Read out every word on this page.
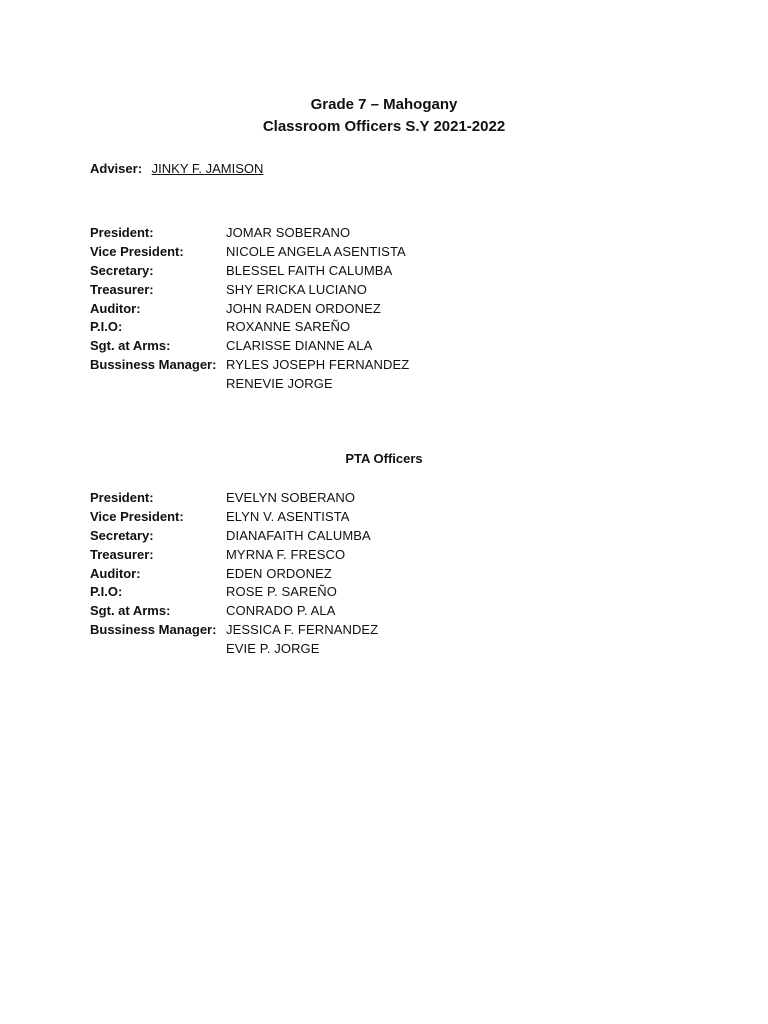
Grade 7 – Mahogany
Classroom Officers S.Y 2021-2022
Adviser: JINKY F. JAMISON
President:	JOMAR SOBERANO
Vice President:	NICOLE ANGELA ASENTISTA
Secretary:	BLESSEL FAITH CALUMBA
Treasurer:	SHY ERICKA LUCIANO
Auditor:	JOHN RADEN ORDONEZ
P.I.O:	ROXANNE SAREÑO
Sgt. at Arms:	CLARISSE DIANNE ALA
Bussiness Manager: RYLES JOSEPH FERNANDEZ
RENEVIE JORGE
PTA Officers
President:	EVELYN SOBERANO
Vice President:	ELYN V. ASENTISTA
Secretary:	DIANAFAITH CALUMBA
Treasurer:	MYRNA F. FRESCO
Auditor:	EDEN ORDONEZ
P.I.O:	ROSE P. SAREÑO
Sgt. at Arms:	CONRADO P. ALA
Bussiness Manager: JESSICA F. FERNANDEZ
EVIE P. JORGE
